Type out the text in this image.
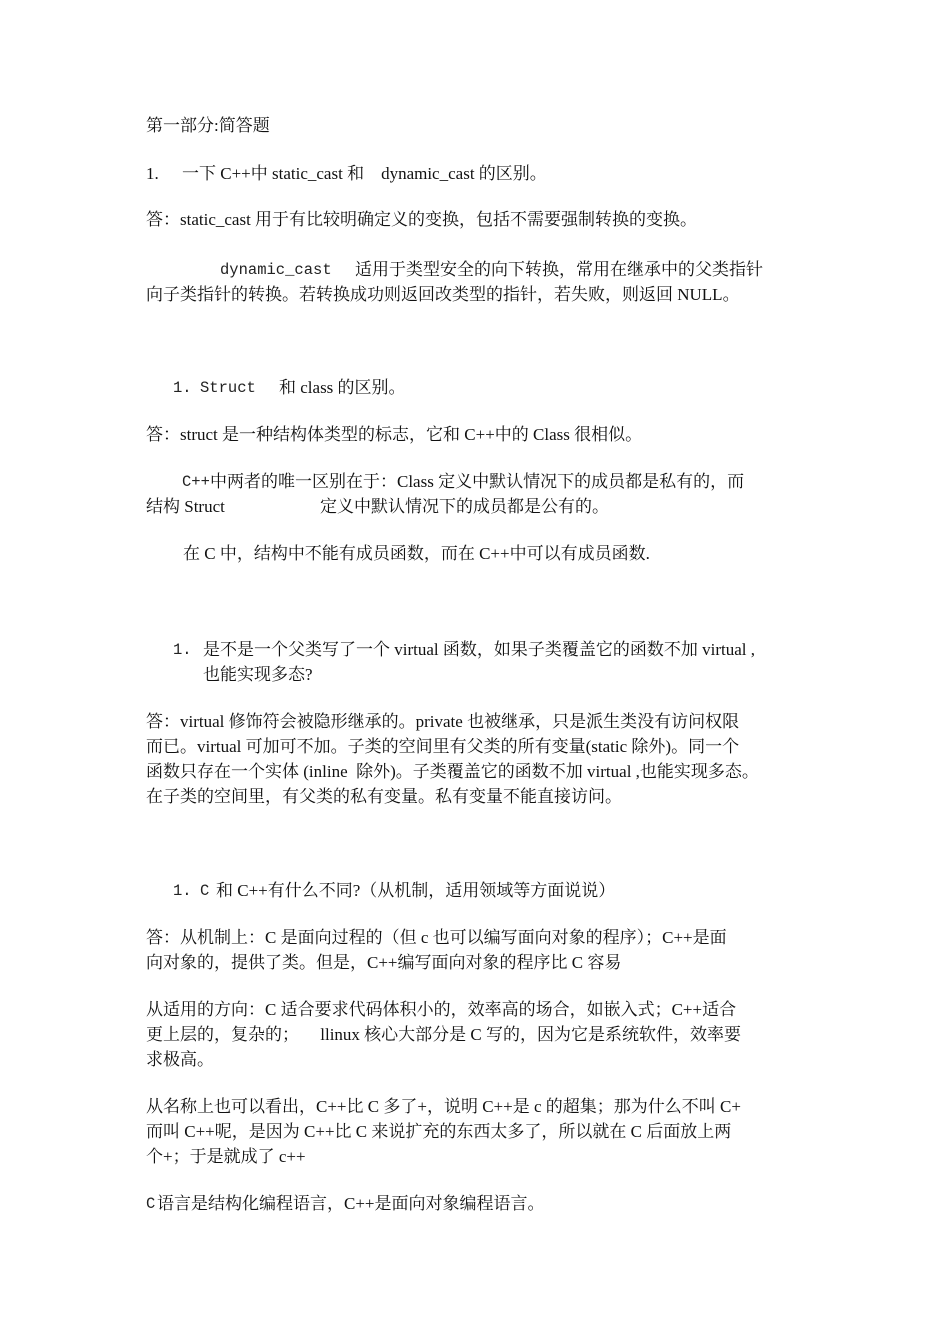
第一部分:简答题
1. 一下 C++中 static_cast 和    dynamic_cast 的区别。
答：static_cast 用于有比较明确定义的变换，包括不需要强制转换的变换。
dynamic_cast 适用于类型安全的向下转换，常用在继承中的父类指针
向子类指针的转换。若转换成功则返回改类型的指针，若失败，则返回 NULL。
1. Struct 和 class 的区别。
答：struct 是一种结构体类型的标志，它和 C++中的 Class 很相似。
C++ 中两者的唯一区别在于：Class 定义中默认情况下的成员都是私有的，而
结构 Struct	定义中默认情况下的成员都是公有的。
在 C 中，结构中不能有成员函数，而在 C++中可以有成员函数.
1. 是不是一个父类写了一个 virtual 函数，如果子类覆盖它的函数不加 virtual ,
也能实现多态?
答：virtual 修饰符会被隐形继承的。private 也被继承，只是派生类没有访问权限
而已。virtual 可加可不加。子类的空间里有父类的所有变量(static 除外)。同一个
函数只存在一个实体 (inline  除外)。子类覆盖它的函数不加 virtual ,也能实现多态。
在子类的空间里，有父类的私有变量。私有变量不能直接访问。
1. C 和 C++有什么不同?（从机制，适用领域等方面说说）
答：从机制上：C 是面向过程的（但 c 也可以编写面向对象的程序）；C++是面
向对象的，提供了类。但是，C++编写面向对象的程序比 C 容易
从适用的方向：C 适合要求代码体积小的，效率高的场合，如嵌入式；C++适合
更上层的，复杂的；     llinux 核心大部分是 C 写的，因为它是系统软件，效率要
求极高。
从名称上也可以看出，C++比 C 多了+，说明 C++是 c 的超集；那为什么不叫 C+
而叫 C++呢，是因为 C++比 C 来说扩充的东西太多了，所以就在 C 后面放上两
个+；于是就成了 c++
C 语言是结构化编程语言，C++是面向对象编程语言。
